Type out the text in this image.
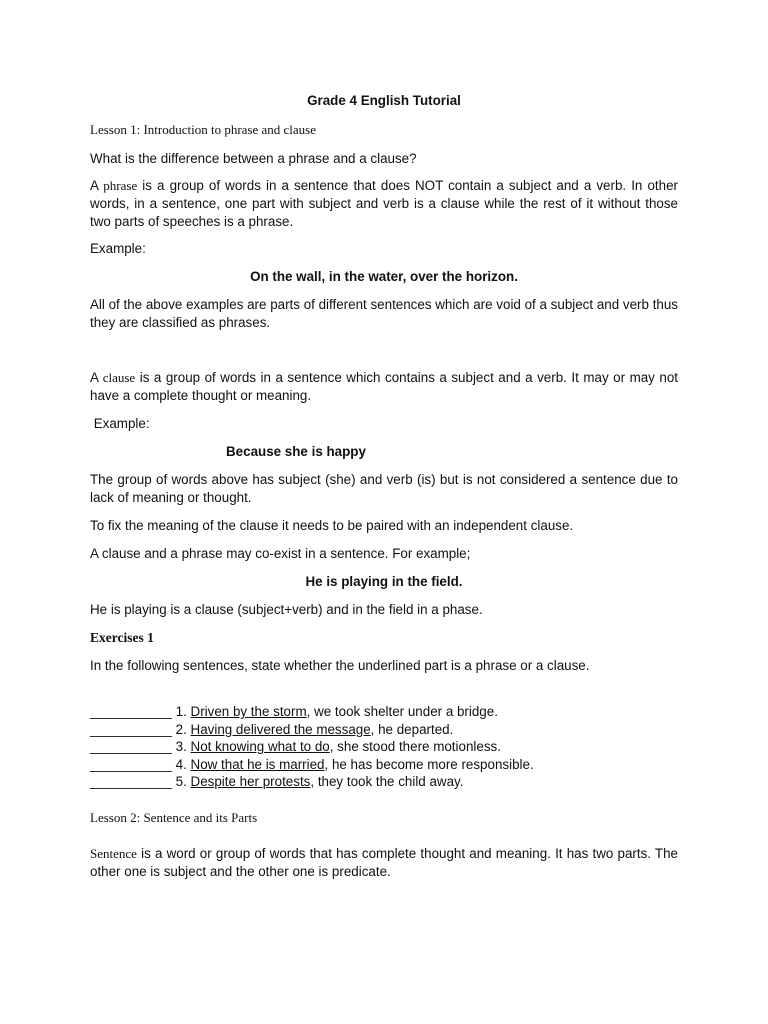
Grade 4 English Tutorial

Lesson 1: Introduction to phrase and clause

What is the difference between a phrase and a clause?

A phrase is a group of words in a sentence that does NOT contain a subject and a verb. In other words, in a sentence, one part with subject and verb is a clause while the rest of it without those two parts of speeches is a phrase.

Example:

On the wall, in the water, over the horizon.

All of the above examples are parts of different sentences which are void of a subject and verb thus they are classified as phrases.

A clause is a group of words in a sentence which contains a subject and a verb. It may or may not have a complete thought or meaning.

Example:

Because she is happy

The group of words above has subject (she) and verb (is) but is not considered a sentence due to lack of meaning or thought.

To fix the meaning of the clause it needs to be paired with an independent clause.

A clause and a phrase may co-exist in a sentence. For example;

He is playing in the field.

He is playing is a clause (subject+verb) and in the field in a phase.

Exercises 1

In the following sentences, state whether the underlined part is a phrase or a clause.

___________ 1. Driven by the storm, we took shelter under a bridge.
___________ 2. Having delivered the message, he departed.
___________ 3. Not knowing what to do, she stood there motionless.
___________ 4. Now that he is married, he has become more responsible.
___________ 5. Despite her protests, they took the child away.

Lesson 2: Sentence and its Parts

Sentence is a word or group of words that has complete thought and meaning. It has two parts. The other one is subject and the other one is predicate.
